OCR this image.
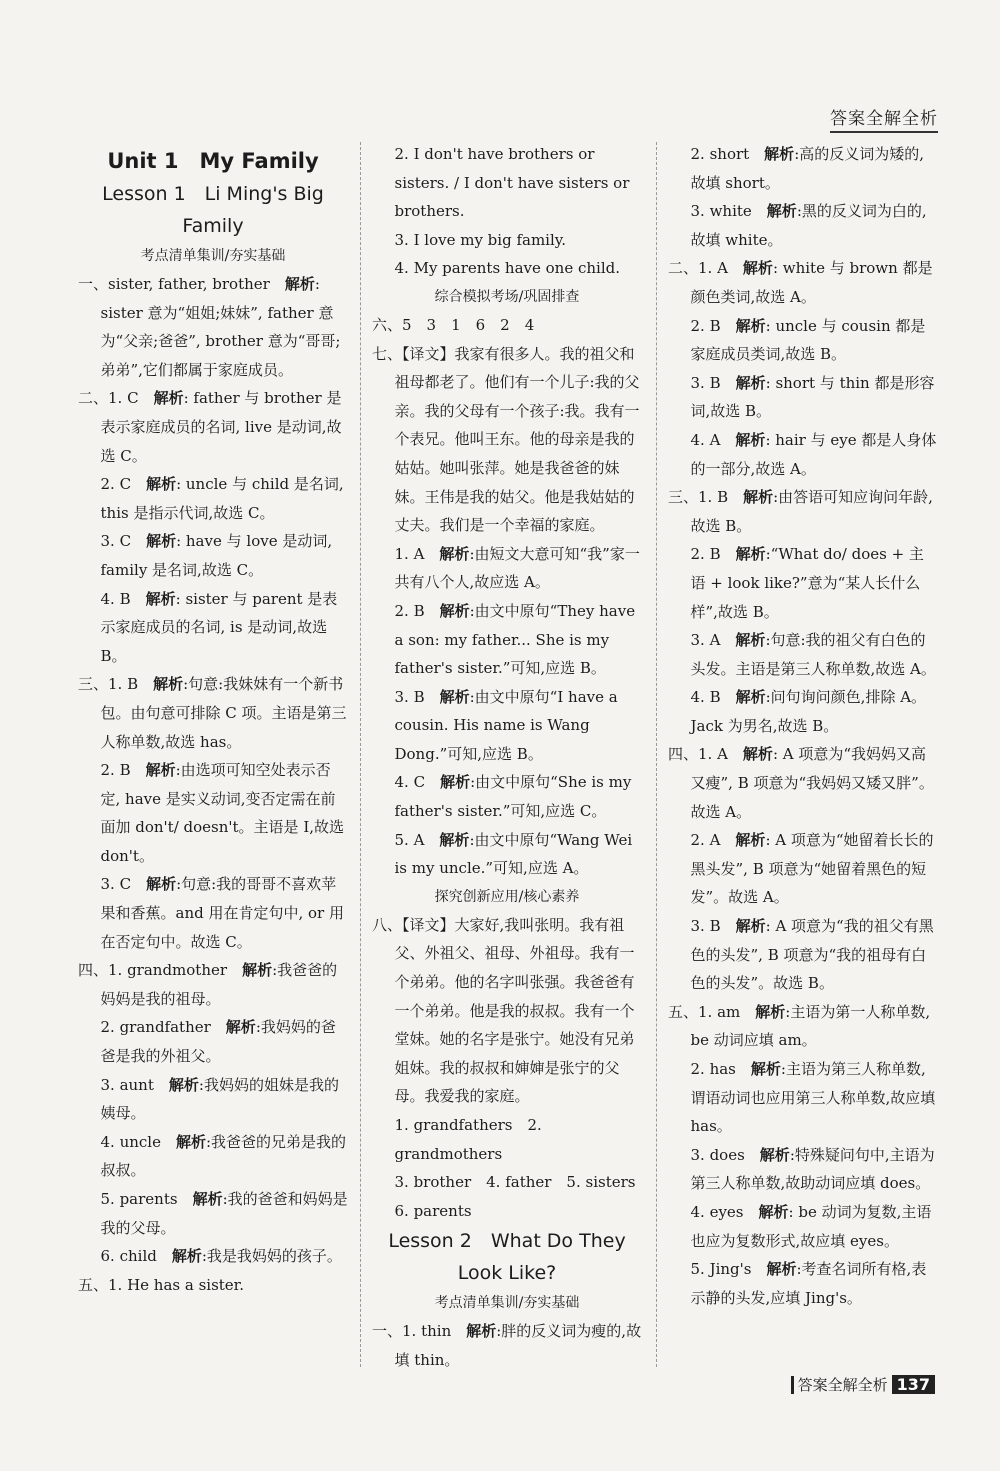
答案全解全析
Unit 1　My Family
Lesson 1　Li Ming's Big Family
考点清单集训/夯实基础
一、sister, father, brother　解析: sister 意为“姐姐;妹妹”, father 意为“父亲;爸爸”, brother 意为“哥哥;弟弟”,它们都属于家庭成员。
二、1. C　解析: father 与 brother 是表示家庭成员的名词, live 是动词,故选 C。
2. C　解析: uncle 与 child 是名词, this 是指示代词,故选 C。
3. C　解析: have 与 love 是动词, family 是名词,故选 C。
4. B　解析: sister 与 parent 是表示家庭成员的名词, is 是动词,故选 B。
三、1. B　解析:句意:我妹妹有一个新书包。由句意可排除 C 项。主语是第三人称单数,故选 has。
2. B　解析:由选项可知空处表示否定, have 是实义动词,变否定需在前面加 don't/ doesn't。主语是 I,故选 don't。
3. C　解析:句意:我的哥哥不喜欢苹果和香蕉。and 用在肯定句中, or 用在否定句中。故选 C。
四、1. grandmother　解析:我爸爸的妈妈是我的祖母。
2. grandfather　解析:我妈妈的爸爸是我的外祖父。
3. aunt　解析:我妈妈的姐妹是我的姨母。
4. uncle　解析:我爸爸的兄弟是我的叔叔。
5. parents　解析:我的爸爸和妈妈是我的父母。
6. child　解析:我是我妈妈的孩子。
五、1. He has a sister.
2. I don't have brothers or sisters. / I don't have sisters or brothers.
3. I love my big family.
4. My parents have one child.
综合模拟考场/巩固排查
六、5　3　1　6　2　4
七、【译文】我家有很多人。我的祖父和祖母都老了。他们有一个儿子:我的父亲。我的父母有一个孩子:我。我有一个表兄。他叫王东。他的母亲是我的姑姑。她叫张萍。她是我爸爸的妹妹。王伟是我的姑父。他是我姑姑的丈夫。我们是一个幸福的家庭。
1. A　解析:由短文大意可知“我”家一共有八个人,故应选 A。
2. B　解析:由文中原句“They have a son: my father... She is my father's sister.”可知,应选 B。
3. B　解析:由文中原句“I have a cousin. His name is Wang Dong.”可知,应选 B。
4. C　解析:由文中原句“She is my father's sister.”可知,应选 C。
5. A　解析:由文中原句“Wang Wei is my uncle.”可知,应选 A。
探究创新应用/核心素养
八、【译文】大家好,我叫张明。我有祖父、外祖父、祖母、外祖母。我有一个弟弟。他的名字叫张强。我爸爸有一个弟弟。他是我的叔叔。我有一个堂妹。她的名字是张宁。她没有兄弟姐妹。我的叔叔和婶婶是张宁的父母。我爱我的家庭。
1. grandfathers　2. grandmothers
3. brother　4. father　5. sisters
6. parents
Lesson 2　What Do They Look Like?
考点清单集训/夯实基础
一、1. thin　解析:胖的反义词为瘦的,故填 thin。
2. short　解析:高的反义词为矮的,故填 short。
3. white　解析:黑的反义词为白的,故填 white。
二、1. A　解析: white 与 brown 都是颜色类词,故选 A。
2. B　解析: uncle 与 cousin 都是家庭成员类词,故选 B。
3. B　解析: short 与 thin 都是形容词,故选 B。
4. A　解析: hair 与 eye 都是人身体的一部分,故选 A。
三、1. B　解析:由答语可知应询问年龄,故选 B。
2. B　解析:“What do/ does + 主语 + look like?”意为“某人长什么样”,故选 B。
3. A　解析:句意:我的祖父有白色的头发。主语是第三人称单数,故选 A。
4. B　解析:问句询问颜色,排除 A。Jack 为男名,故选 B。
四、1. A　解析: A 项意为“我妈妈又高又瘦”, B 项意为“我妈妈又矮又胖”。故选 A。
2. A　解析: A 项意为“她留着长长的黑头发”, B 项意为“她留着黑色的短发”。故选 A。
3. B　解析: A 项意为“我的祖父有黑色的头发”, B 项意为“我的祖母有白色的头发”。故选 B。
五、1. am　解析:主语为第一人称单数, be 动词应填 am。
2. has　解析:主语为第三人称单数,谓语动词也应用第三人称单数,故应填 has。
3. does　解析:特殊疑问句中,主语为第三人称单数,故助动词应填 does。
4. eyes　解析: be 动词为复数,主语也应为复数形式,故应填 eyes。
5. Jing's　解析:考查名词所有格,表示静的头发,应填 Jing's。
答案全解全析 137
